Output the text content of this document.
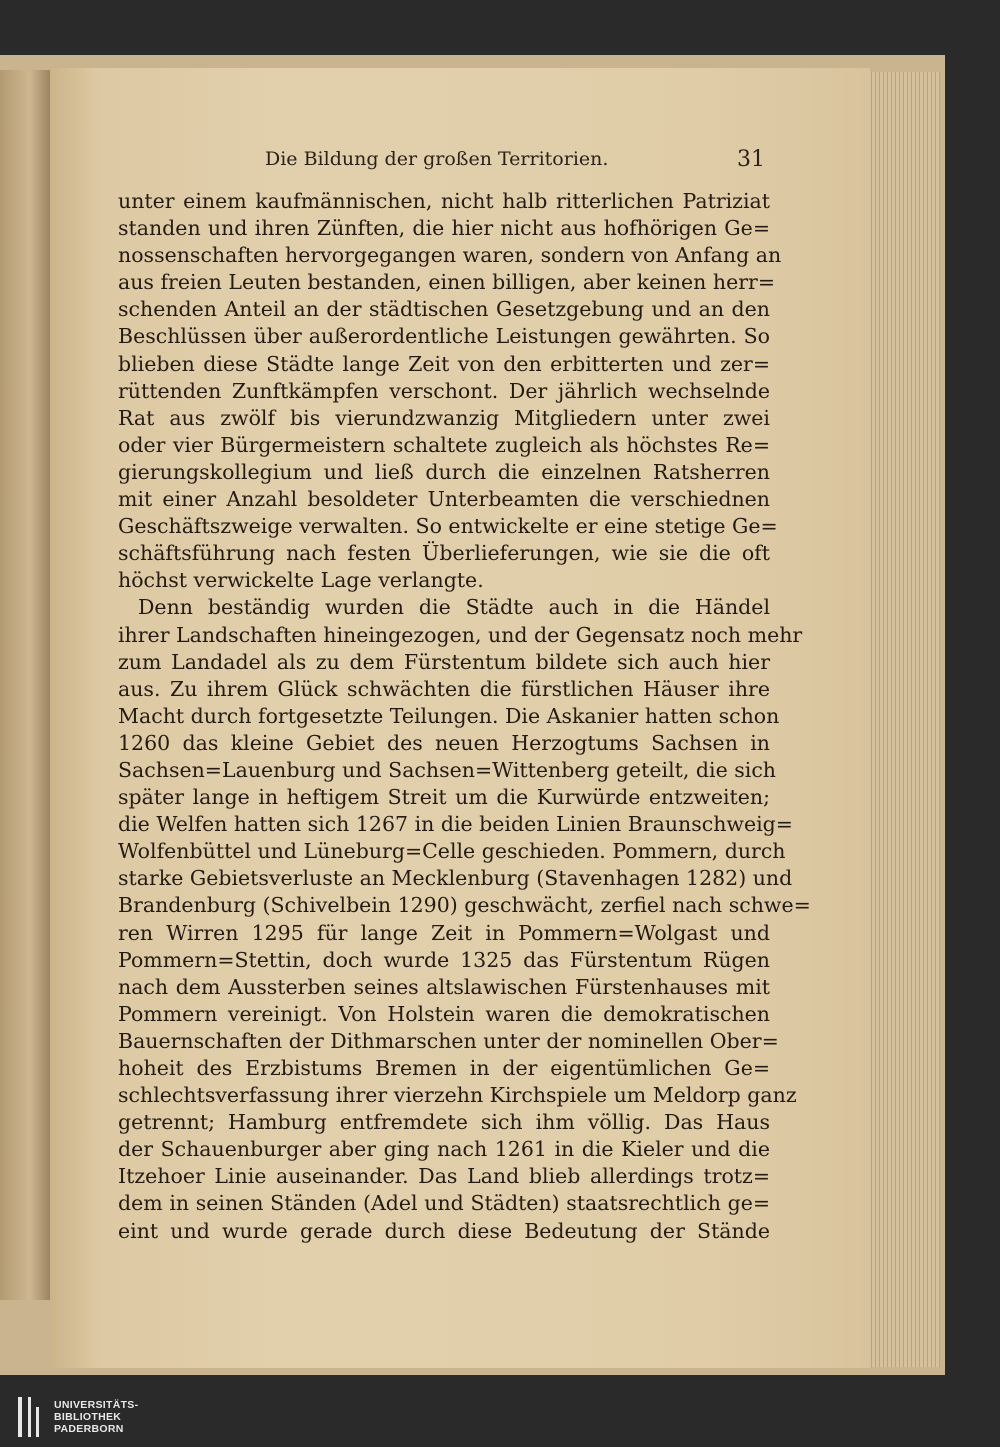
Die Bildung der großen Territorien.	31
unter einem kaufmännischen, nicht halb ritterlichen Patriziat
standen und ihren Zünften, die hier nicht aus hofhörigen Ge=
nossenschaften hervorgegangen waren, sondern von Anfang an
aus freien Leuten bestanden, einen billigen, aber keinen herr=
schenden Anteil an der städtischen Gesetzgebung und an den
Beschlüssen über außerordentliche Leistungen gewährten. So
blieben diese Städte lange Zeit von den erbitterten und zer=
rüttenden Zunftkämpfen verschont. Der jährlich wechselnde
Rat aus zwölf bis vierundzwanzig Mitgliedern unter zwei
oder vier Bürgermeistern schaltete zugleich als höchstes Re=
gierungskollegium und ließ durch die einzelnen Ratsherren
mit einer Anzahl besoldeter Unterbeamten die verschiednen
Geschäftszweige verwalten. So entwickelte er eine stetige Ge=
schäftsführung nach festen Überlieferungen, wie sie die oft
höchst verwickelte Lage verlangte.
Denn beständig wurden die Städte auch in die Händel
ihrer Landschaften hineingezogen, und der Gegensatz noch mehr
zum Landadel als zu dem Fürstentum bildete sich auch hier
aus. Zu ihrem Glück schwächten die fürstlichen Häuser ihre
Macht durch fortgesetzte Teilungen. Die Askanier hatten schon
1260 das kleine Gebiet des neuen Herzogtums Sachsen in
Sachsen=Lauenburg und Sachsen=Wittenberg geteilt, die sich
später lange in heftigem Streit um die Kurwürde entzweiten;
die Welfen hatten sich 1267 in die beiden Linien Braunschweig=
Wolfenbüttel und Lüneburg=Celle geschieden. Pommern, durch
starke Gebietsverluste an Mecklenburg (Stavenhagen 1282) und
Brandenburg (Schivelbein 1290) geschwächt, zerfiel nach schwe=
ren Wirren 1295 für lange Zeit in Pommern=Wolgast und
Pommern=Stettin, doch wurde 1325 das Fürstentum Rügen
nach dem Aussterben seines altslawischen Fürstenhauses mit
Pommern vereinigt. Von Holstein waren die demokratischen
Bauernschaften der Dithmarschen unter der nominellen Ober=
hoheit des Erzbistums Bremen in der eigentümlichen Ge=
schlechtsverfassung ihrer vierzehn Kirchspiele um Meldorp ganz
getrennt; Hamburg entfremdete sich ihm völlig. Das Haus
der Schauenburger aber ging nach 1261 in die Kieler und die
Itzehoer Linie auseinander. Das Land blieb allerdings trotz=
dem in seinen Ständen (Adel und Städten) staatsrechtlich ge=
eint und wurde gerade durch diese Bedeutung der Stände
UNIVERSITÄTS-
BIBLIOTHEK
PADERBORN
